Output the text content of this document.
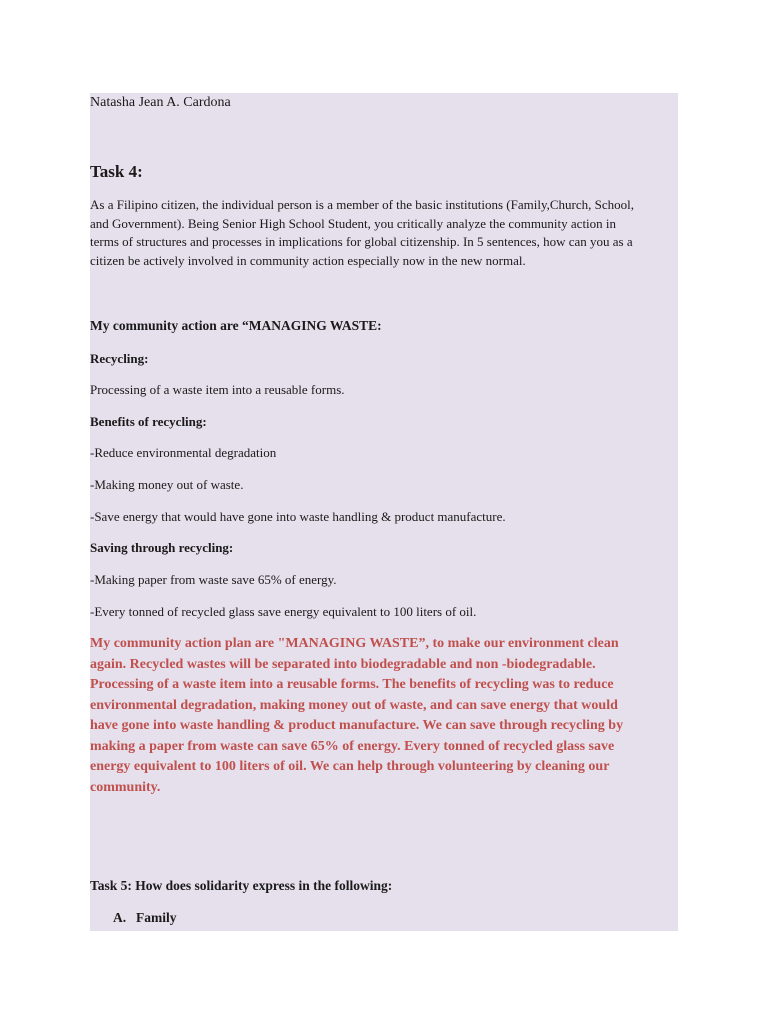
Natasha Jean A. Cardona

Task 4:

As a Filipino citizen, the individual person is a member of the basic institutions (Family,Church, School,
and Government). Being Senior High School Student, you critically analyze the community action in
terms of structures and processes in implications for global citizenship. In 5 sentences, how can you as a
citizen be actively involved in community action especially now in the new normal.

My community action are “MANAGING WASTE:

Recycling:

Processing of a waste item into a reusable forms.

Benefits of recycling:

-Reduce environmental degradation

-Making money out of waste.

-Save energy that would have gone into waste handling & product manufacture.

Saving through recycling:

-Making paper from waste save 65% of energy.

-Every tonned of recycled glass save energy equivalent to 100 liters of oil.

My community action plan are "MANAGING WASTE”, to make our environment clean
again. Recycled wastes will be separated into biodegradable and non -biodegradable.
Processing of a waste item into a reusable forms. The benefits of recycling was to reduce
environmental degradation, making money out of waste, and can save energy that would
have gone into waste handling & product manufacture. We can save through recycling by
making a paper from waste can save 65% of energy. Every tonned of recycled glass save
energy equivalent to 100 liters of oil. We can help through volunteering by cleaning our
community.

Task 5: How does solidarity express in the following:

A. Family
